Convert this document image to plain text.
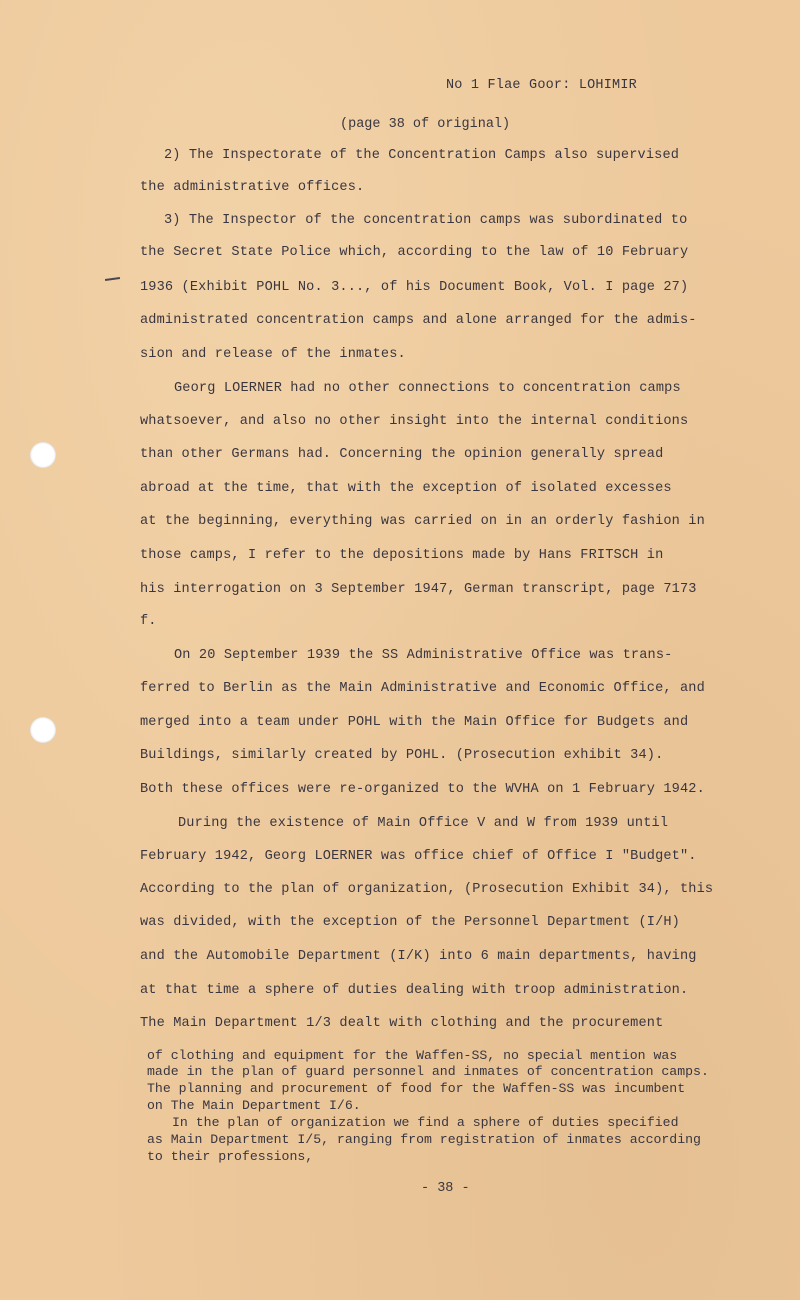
No 1 Flae Goor: LOHIMIR
(page 38 of original)
2) The Inspectorate of the Concentration Camps also supervised
the administrative offices.
3) The Inspector of the concentration camps was subordinated to
the Secret State Police which, according to the law of 10 February
1936 (Exhibit POHL No. 3..., of his Document Book, Vol. I page 27)
administrated concentration camps and alone arranged for the admis-
sion and release of the inmates.
Georg LOERNER had no other connections to concentration camps
whatsoever, and also no other insight into the internal conditions
than other Germans had. Concerning the opinion generally spread
abroad at the time, that with the exception of isolated excesses
at the beginning, everything was carried on in an orderly fashion in
those camps, I refer to the depositions made by Hans FRITSCH in
his interrogation on 3 September 1947, German transcript, page 7173
f.
On 20 September 1939 the SS Administrative Office was trans-
ferred to Berlin as the Main Administrative and Economic Office, and
merged into a team under POHL with the Main Office for Budgets and
Buildings, similarly created by POHL. (Prosecution exhibit 34).
Both these offices were re-organized to the WVHA on 1 February 1942.
During the existence of Main Office V and W from 1939 until
February 1942, Georg LOERNER was office chief of Office I "Budget".
According to the plan of organization, (Prosecution Exhibit 34), this
was divided, with the exception of the Personnel Department (I/H)
and the Automobile Department (I/K) into 6 main departments, having
at that time a sphere of duties dealing with troop administration.
The Main Department 1/3 dealt with clothing and the procurement
of clothing and equipment for the Waffen-SS, no special mention was
made in the plan of guard personnel and inmates of concentration camps.
The planning and procurement of food for the Waffen-SS was incumbent
on The Main Department I/6.
In the plan of organization we find a sphere of duties specified
as Main Department I/5, ranging from registration of inmates according
to their professions,
- 38 -
